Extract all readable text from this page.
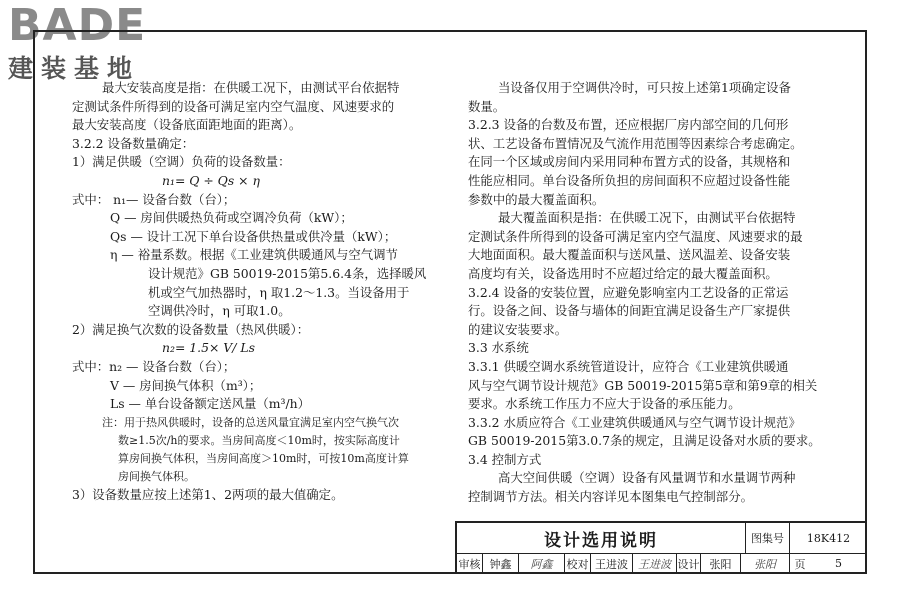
BADE
建装基地

最大安装高度是指：在供暖工况下，由测试平台依据特

定测试条件所得到的设备可满足室内空气温度、风速要求的

最大安装高度（设备底面距地面的距离）。

3.2.2 设备数量确定：

1）满足供暖（空调）负荷的设备数量：

n₁= Q ÷ Qs × η

式中： n₁— 设备台数（台）；

Q — 房间供暖热负荷或空调冷负荷（kW）；

Qs — 设计工况下单台设备供热量或供冷量（kW）；

η — 裕量系数。根据《工业建筑供暖通风与空气调节

设计规范》GB 50019-2015第5.6.4条，选择暖风

机或空气加热器时，η 取1.2～1.3。当设备用于

空调供冷时，η 可取1.0。

2）满足换气次数的设备数量（热风供暖）：

n₂= 1.5× V/ Ls

式中：n₂ — 设备台数（台）；

V — 房间换气体积（m³）；

Ls — 单台设备额定送风量（m³/h）

注：用于热风供暖时，设备的总送风量宜满足室内空气换气次

数≥1.5次/h的要求。当房间高度＜10m时，按实际高度计

算房间换气体积，当房间高度＞10m时，可按10m高度计算

房间换气体积。

3）设备数量应按上述第1、2两项的最大值确定。

当设备仅用于空调供冷时，可只按上述第1项确定设备

数量。

3.2.3 设备的台数及布置，还应根据厂房内部空间的几何形

状、工艺设备布置情况及气流作用范围等因素综合考虑确定。

在同一个区域或房间内采用同种布置方式的设备，其规格和

性能应相同。单台设备所负担的房间面积不应超过设备性能

参数中的最大覆盖面积。

最大覆盖面积是指：在供暖工况下，由测试平台依据特

定测试条件所得到的设备可满足室内空气温度、风速要求的最

大地面面积。最大覆盖面积与送风量、送风温差、设备安装

高度均有关，设备选用时不应超过给定的最大覆盖面积。

3.2.4 设备的安装位置，应避免影响室内工艺设备的正常运

行。设备之间、设备与墙体的间距宜满足设备生产厂家提供

的建议安装要求。

3.3 水系统

3.3.1 供暖空调水系统管道设计，应符合《工业建筑供暖通

风与空气调节设计规范》GB 50019-2015第5章和第9章的相关

要求。水系统工作压力不应大于设备的承压能力。

3.3.2 水质应符合《工业建筑供暖通风与空气调节设计规范》

GB 50019-2015第3.0.7条的规定，且满足设备对水质的要求。

3.4 控制方式

高大空间供暖（空调）设备有风量调节和水量调节两种

控制调节方法。相关内容详见本图集电气控制部分。

设计选用说明	图集号	18K412
审核 钟鑫	阿鑫	校对 王进波 王进波 设计 张阳	张阳	页	5
